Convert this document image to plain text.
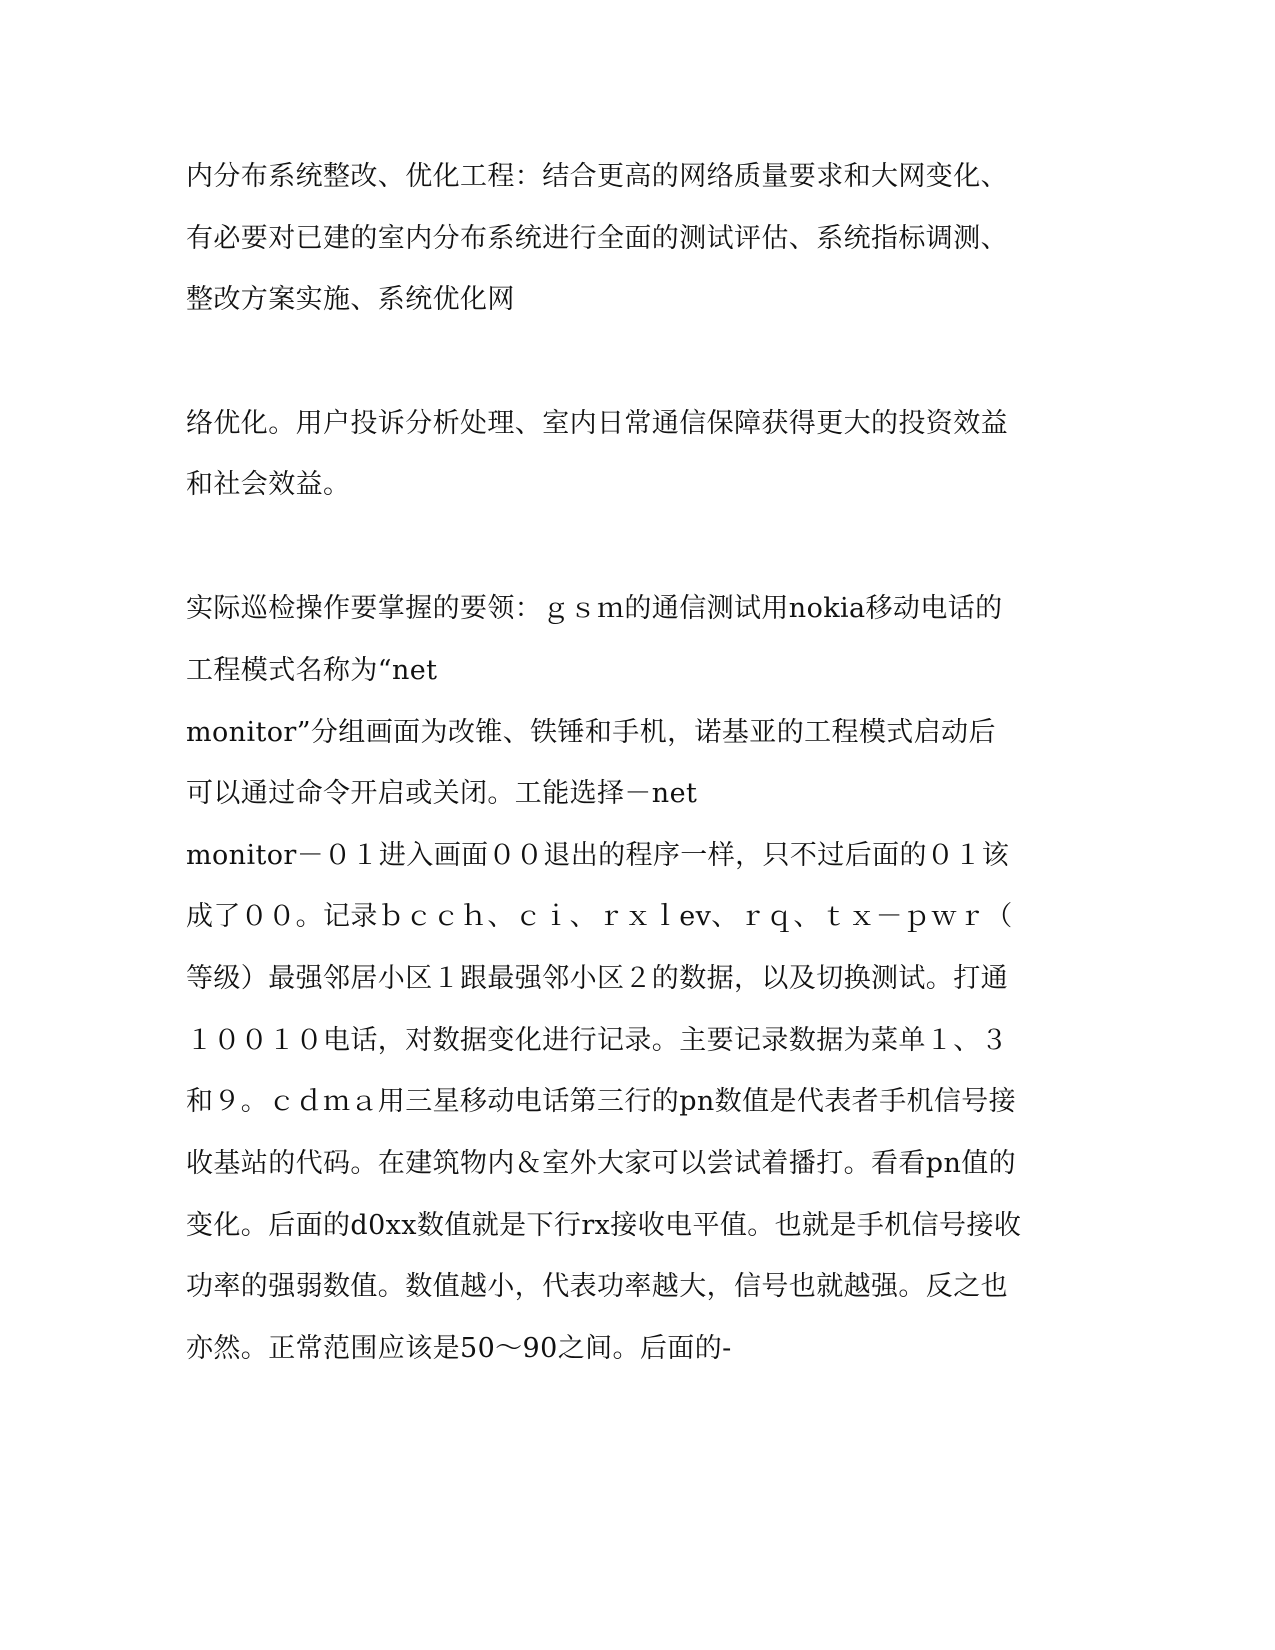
内分布系统整改、优化工程：结合更高的网络质量要求和大网变化、
有必要对已建的室内分布系统进行全面的测试评估、系统指标调测、
整改方案实施、系统优化网
络优化。用户投诉分析处理、室内日常通信保障获得更大的投资效益
和社会效益。
实际巡检操作要掌握的要领：ｇｓｍ的通信测试用nokia移动电话的
工程模式名称为“net
monitor”分组画面为改锥、铁锤和手机，诺基亚的工程模式启动后
可以通过命令开启或关闭。工能选择－net
monitor－０１进入画面００退出的程序一样，只不过后面的０１该
成了００。记录ｂｃｃｈ、ｃｉ、ｒｘｌev、ｒｑ、ｔｘ－ｐｗｒ（
等级）最强邻居小区１跟最强邻小区２的数据，以及切换测试。打通
１００１０电话，对数据变化进行记录。主要记录数据为菜单１、３
和９。ｃｄｍａ用三星移动电话第三行的pn数值是代表者手机信号接
收基站的代码。在建筑物内＆室外大家可以尝试着播打。看看pn值的
变化。后面的d0xx数值就是下行rx接收电平值。也就是手机信号接收
功率的强弱数值。数值越小，代表功率越大，信号也就越强。反之也
亦然。正常范围应该是50～90之间。后面的-
